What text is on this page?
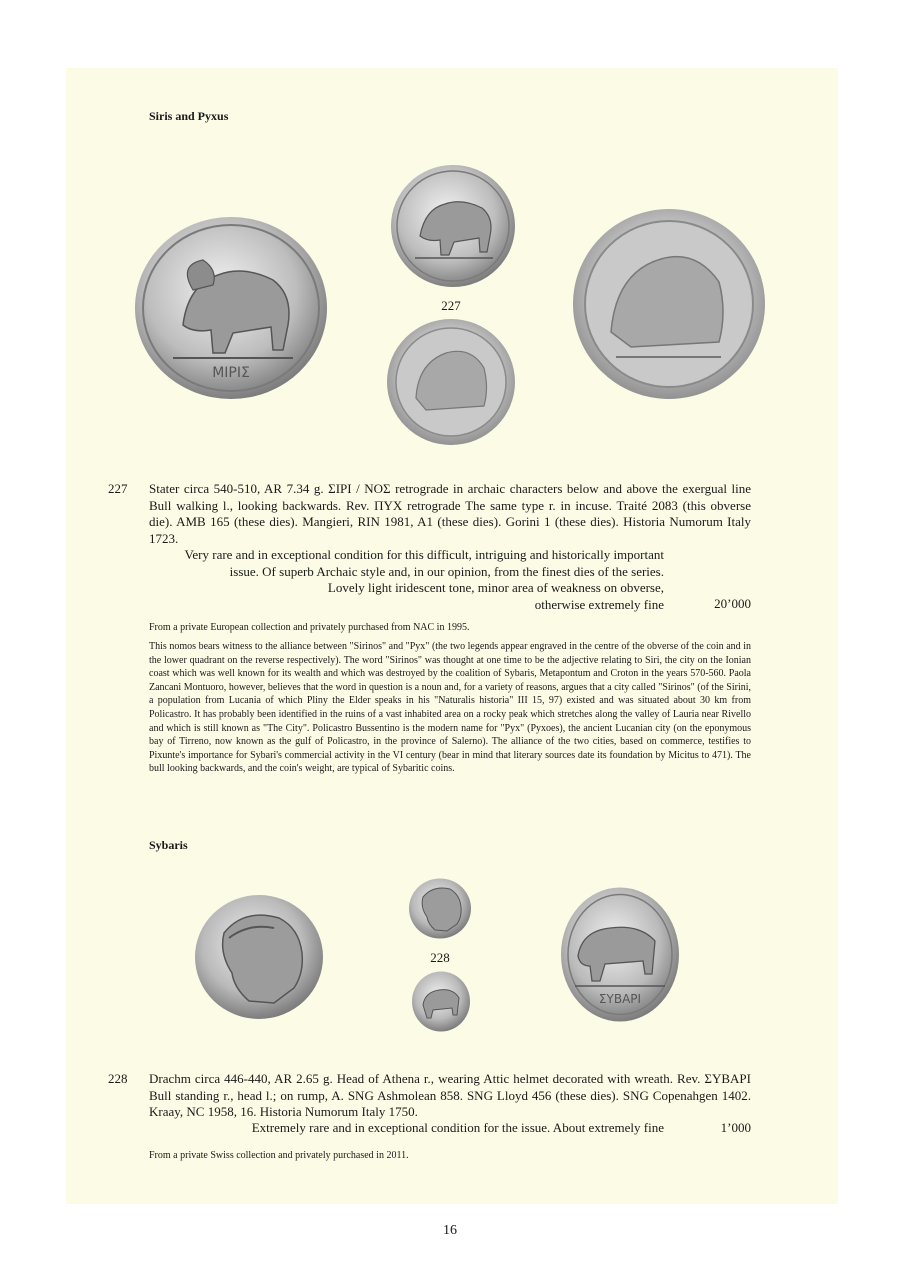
Siris and Pyxus
ΜΙΡΙΣ
227
227 Stater circa 540-510, AR 7.34 g. ΣΙΡΙ / ΝΟΣ retrograde in archaic characters below and above the exergual line Bull walking l., looking backwards. Rev. ΠΥΧ retrograde The same type r. in incuse. Traité 2083 (this obverse die). AMB 165 (these dies). Mangieri, RIN 1981, A1 (these dies). Gorini 1 (these dies). Historia Numorum Italy 1723.
Very rare and in exceptional condition for this difficult, intriguing and historically important
issue. Of superb Archaic style and, in our opinion, from the finest dies of the series.
Lovely light iridescent tone, minor area of weakness on obverse,
otherwise extremely fine	20’000
From a private European collection and privately purchased from NAC in 1995.
This nomos bears witness to the alliance between "Sirinos" and "Pyx" (the two legends appear engraved in the centre of the obverse of the coin and in the lower quadrant on the reverse respectively). The word "Sirinos" was thought at one time to be the adjective relating to Siri, the city on the Ionian coast which was well known for its wealth and which was destroyed by the coalition of Sybaris, Metapontum and Croton in the years 570-560. Paola Zancani Montuoro, however, believes that the word in question is a noun and, for a variety of reasons, argues that a city called "Sirinos" (of the Sirini, a population from Lucania of which Pliny the Elder speaks in his "Naturalis historia" III 15, 97) existed and was situated about 30 km from Policastro. It has probably been identified in the ruins of a vast inhabited area on a rocky peak which stretches along the valley of Lauria near Rivello and which is still known as "The City". Policastro Bussentino is the modern name for "Pyx" (Pyxoes), the ancient Lucanian city (on the eponymous bay of Tirreno, now known as the gulf of Policastro, in the province of Salerno). The alliance of the two cities, based on commerce, testifies to Pixunte's importance for Sybari's commercial activity in the VI century (bear in mind that literary sources date its foundation by Micitus to 471). The bull looking backwards, and the coin's weight, are typical of Sybaritic coins.
Sybaris
228
ΣΥΒΑΡΙ
228 Drachm circa 446-440, AR 2.65 g. Head of Athena r., wearing Attic helmet decorated with wreath. Rev. ΣΥΒΑΡΙ Bull standing r., head l.; on rump, A. SNG Ashmolean 858. SNG Lloyd 456 (these dies). SNG Copenahgen 1402. Kraay, NC 1958, 16. Historia Numorum Italy 1750.
Extremely rare and in exceptional condition for the issue. About extremely fine	1’000
From a private Swiss collection and privately purchased in 2011.
16
